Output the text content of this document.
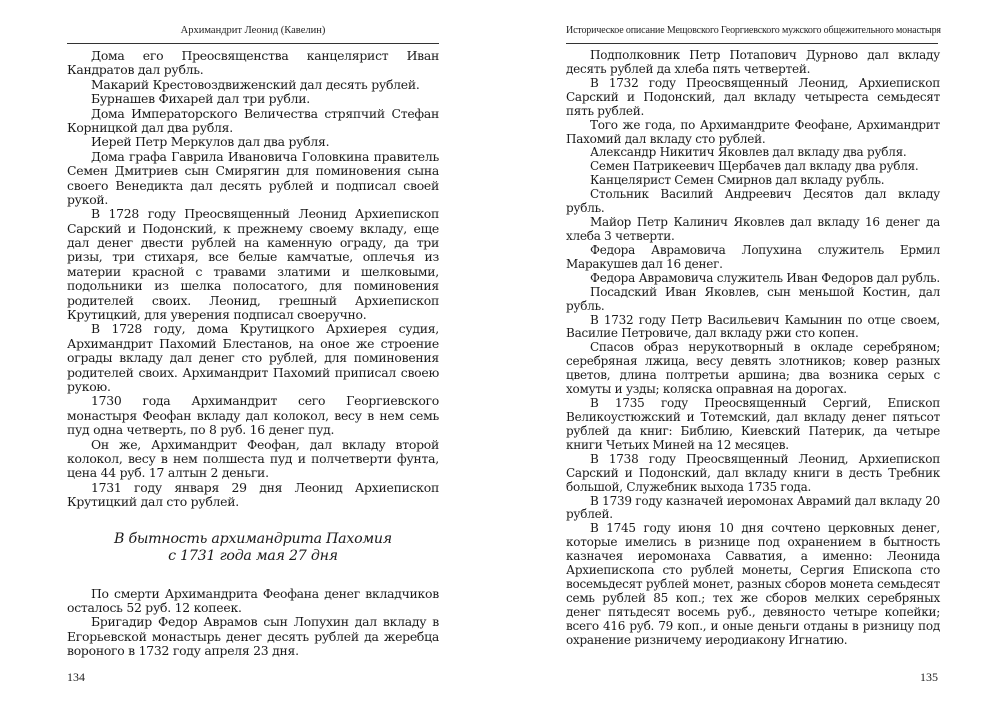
Архимандрит Леонид (Кавелин)

Дома его Преосвященства канцелярист Иван Кандратов дал рубль.

Макарий Крестовоздвиженский дал десять рублей.

Бурнашев Фихарей дал три рубли.

Дома Императорского Величества стряпчий Стефан Корницкой дал два рубля.

Иерей Петр Меркулов дал два рубля.

Дома графа Гаврила Ивановича Головкина правитель Семен Дмитриев сын Смирягин для поминовения сына своего Венедикта дал десять рублей и подписал своей рукой.

В 1728 году Преосвященный Леонид Архиепископ Сарский и Подонский, к прежнему своему вкладу, еще дал денег двести рублей на каменную ограду, да три ризы, три стихаря, все белые камчатые, оплечья из материи красной с травами златими и шелковыми, подольники из шелка полосатого, для поминовения родителей своих. Леонид, грешный Архиепископ Крутицкий, для уверения подписал своеручно.

В 1728 году, дома Крутицкого Архиерея судия, Архимандрит Пахомий Блестанов, на оное же строение ограды вкладу дал денег сто рублей, для поминовения родителей своих. Архимандрит Пахомий приписал своею рукою.

1730 года Архимандрит сего Георгиевского монастыря Феофан вкладу дал колокол, весу в нем семь пуд одна четверть, по 8 руб. 16 денег пуд.

Он же, Архимандрит Феофан, дал вкладу второй колокол, весу в нем полшеста пуд и полчетверти фунта, цена 44 руб. 17 алтын 2 деньги.

1731 году января 29 дня Леонид Архиепископ Крутицкий дал сто рублей.

В бытность архимандрита Пахомия
с 1731 года мая 27 дня

По смерти Архимандрита Феофана денег вкладчиков осталось 52 руб. 12 копеек.

Бригадир Федор Аврамов сын Лопухин дал вкладу в Егорьевской монастырь денег десять рублей да жеребца вороного в 1732 году апреля 23 дня.

134
Историческое описание Мещовского Георгиевского мужского общежительного монастыря

Подполковник Петр Потапович Дурново дал вкладу десять рублей да хлеба пять четвертей.

В 1732 году Преосвященный Леонид, Архиепископ Сарский и Подонский, дал вкладу четыреста семьдесят пять рублей.

Того же года, по Архимандрите Феофане, Архимандрит Пахомий дал вкладу сто рублей.

Александр Никитич Яковлев дал вкладу два рубля.

Семен Патрикеевич Щербачев дал вкладу два рубля.

Канцелярист Семен Смирнов дал вкладу рубль.

Стольник Василий Андреевич Десятов дал вкладу рубль.

Майор Петр Калинич Яковлев дал вкладу 16 денег да хлеба 3 четверти.

Федора Аврамовича Лопухина служитель Ермил Маракушев дал 16 денег.

Федора Аврамовича служитель Иван Федоров дал рубль.

Посадский Иван Яковлев, сын меньшой Костин, дал рубль.

В 1732 году Петр Васильевич Камынин по отце своем, Василие Петровиче, дал вкладу ржи сто копен.

Спасов образ нерукотворный в окладе серебряном; серебряная лжица, весу девять злотников; ковер разных цветов, длина полтретьи аршина; два возника серых с хомуты и узды; коляска оправная на дорогах.

В 1735 году Преосвященный Сергий, Епископ Великоустюжский и Тотемский, дал вкладу денег пятьсот рублей да книг: Библию, Киевский Патерик, да четыре книги Четьих Миней на 12 месяцев.

В 1738 году Преосвященный Леонид, Архиепископ Сарский и Подонский, дал вкладу книги в десть Требник большой, Служебник выхода 1735 года.

В 1739 году казначей иеромонах Аврамий дал вкладу 20 рублей.

В 1745 году июня 10 дня сочтено церковных денег, которые имелись в ризнице под охранением в бытность казначея иеромонаха Савватия, а именно: Леонида Архиепископа сто рублей монеты, Сергия Епископа сто восемьдесят рублей монет, разных сборов монета семьдесят семь рублей 85 коп.; тех же сборов мелких серебряных денег пятьдесят восемь руб., девяносто четыре копейки; всего 416 руб. 79 коп., и оные деньги отданы в ризницу под охранение ризничему иеродиакону Игнатию.

135
